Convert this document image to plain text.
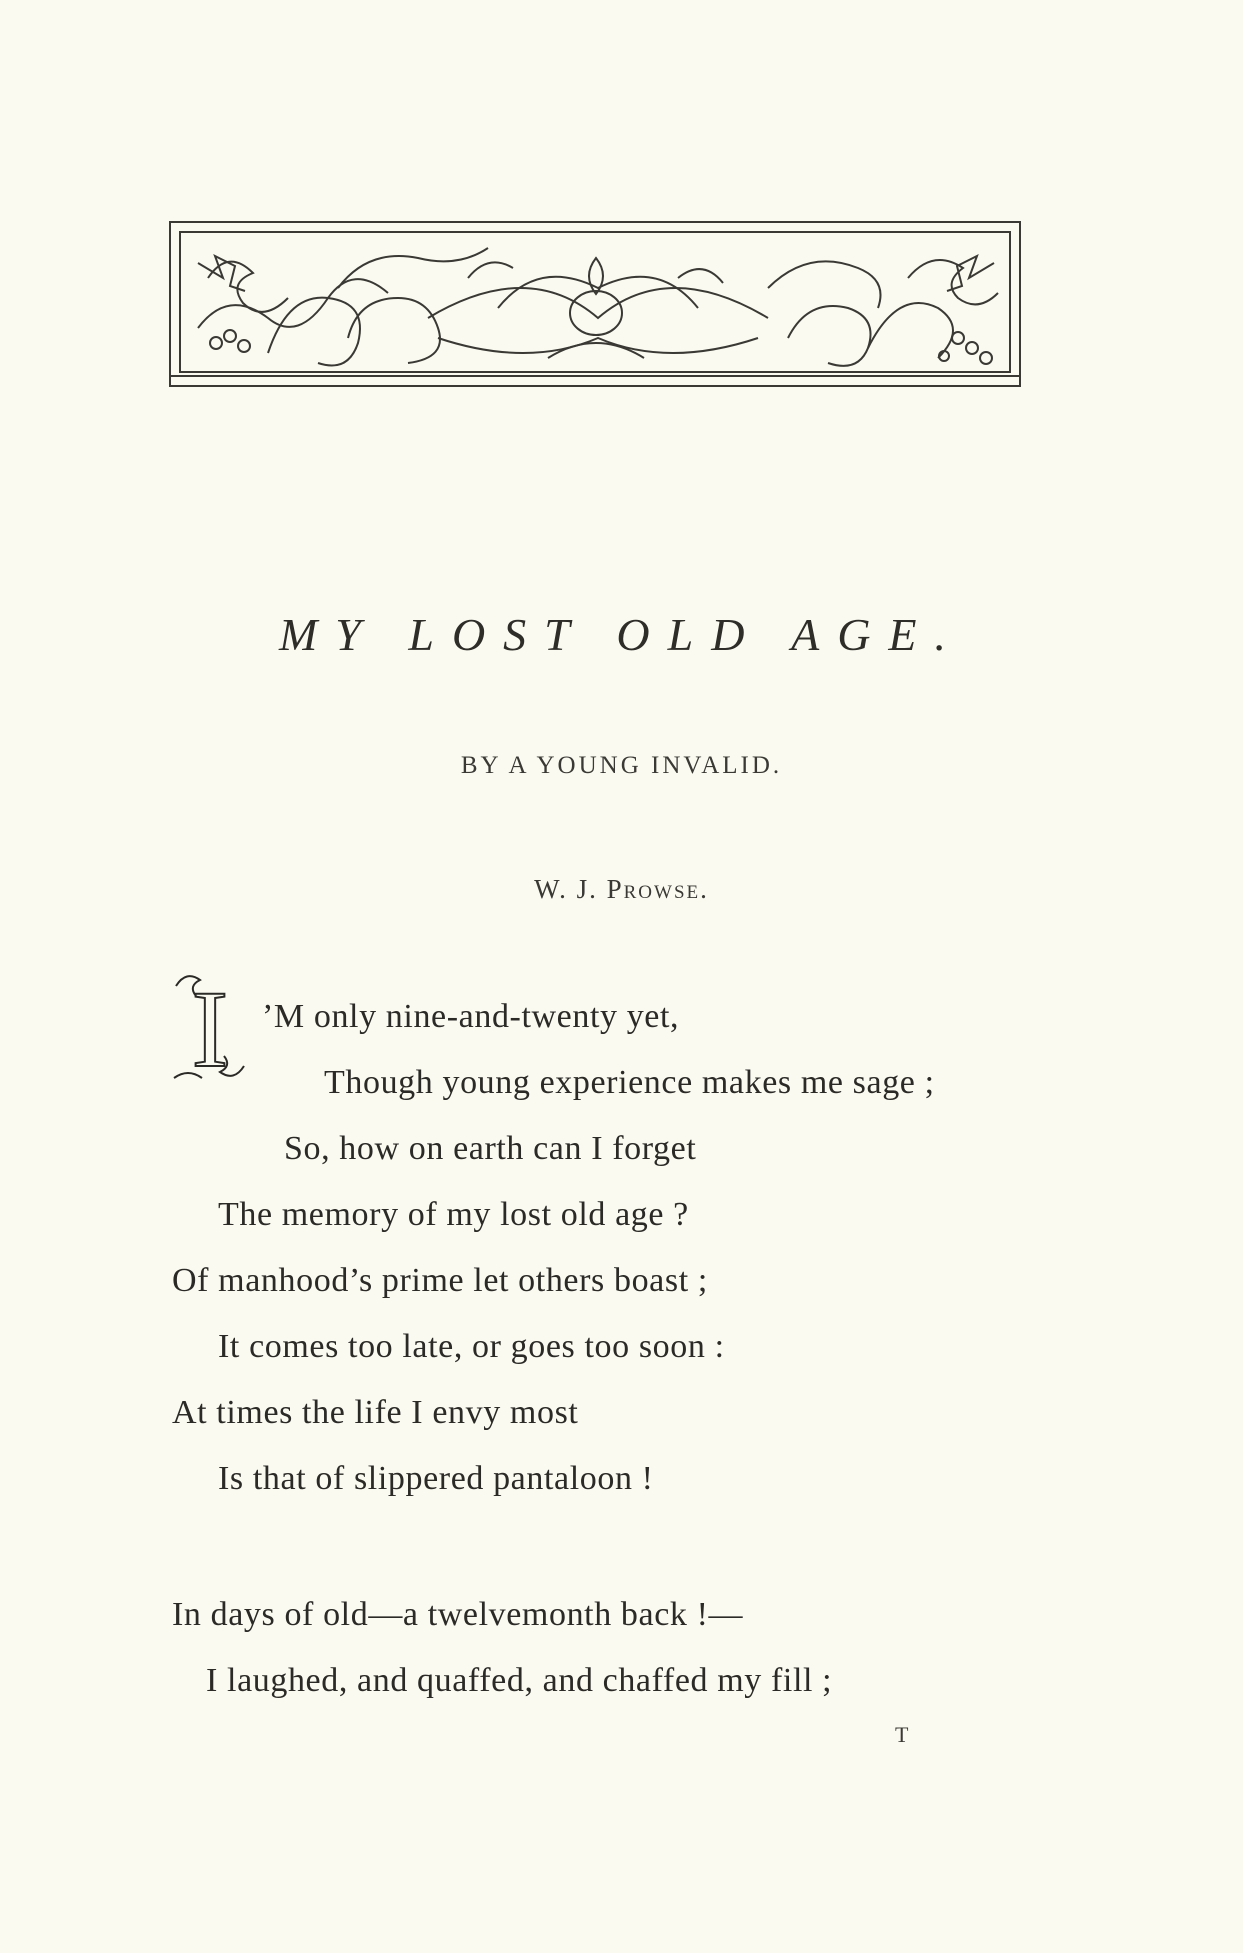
MY LOST OLD AGE.
BY A YOUNG INVALID.
W. J. Prowse.
I ’M only nine-and-twenty yet,
Though young experience makes me sage ;
So, how on earth can I forget
The memory of my lost old age ?
Of manhood’s prime let others boast ;
It comes too late, or goes too soon :
At times the life I envy most
Is that of slippered pantaloon !
In days of old—a twelvemonth back !—
I laughed, and quaffed, and chaffed my fill ;
T
